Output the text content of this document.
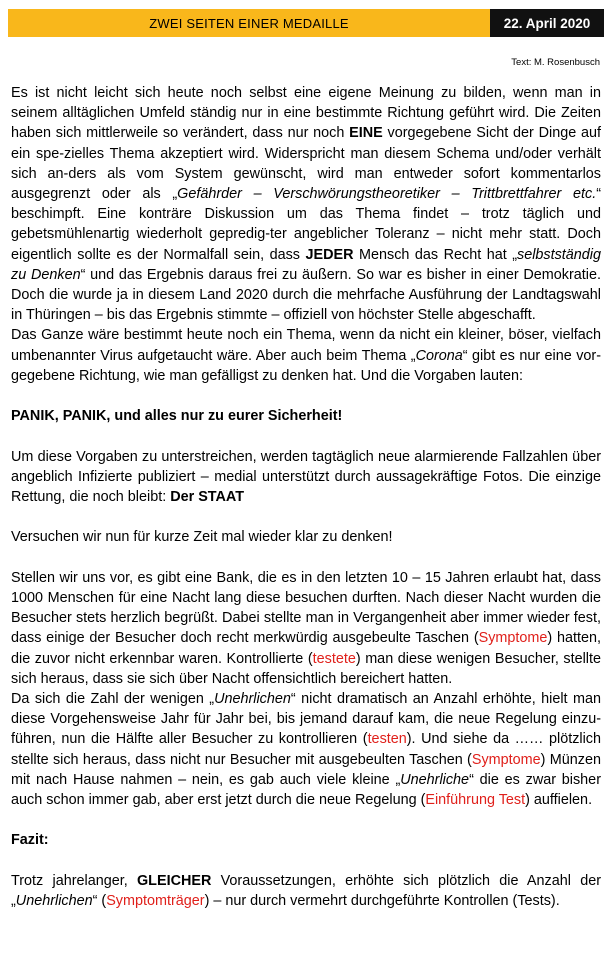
ZWEI SEITEN EINER MEDAILLE	22. April 2020
Text: M. Rosenbusch

Es ist nicht leicht sich heute noch selbst eine eigene Meinung zu bilden, wenn man in seinem alltäglichen Umfeld ständig nur in eine bestimmte Richtung geführt wird. Die Zeiten haben sich mittlerweile so verändert, dass nur noch EINE vorgegebene Sicht der Dinge auf ein spe-zielles Thema akzeptiert wird. Widerspricht man diesem Schema und/oder verhält sich an-ders als vom System gewünscht, wird man entweder sofort kommentarlos ausgegrenzt oder als „Gefährder – Verschwörungstheoretiker – Trittbrettfahrer etc.“ beschimpft. Eine konträre Diskussion um das Thema findet – trotz täglich und gebetsmühlenartig wiederholt gepredig-ter angeblicher Toleranz – nicht mehr statt. Doch eigentlich sollte es der Normalfall sein, dass JEDER Mensch das Recht hat „selbstständig zu Denken“ und das Ergebnis daraus frei zu äußern. So war es bisher in einer Demokratie. Doch die wurde ja in diesem Land 2020 durch die mehrfache Ausführung der Landtagswahl in Thüringen – bis das Ergebnis stimmte – offiziell von höchster Stelle abgeschafft.

Das Ganze wäre bestimmt heute noch ein Thema, wenn da nicht ein kleiner, böser, vielfach umbenannter Virus aufgetaucht wäre. Aber auch beim Thema „Corona“ gibt es nur eine vor-gegebene Richtung, wie man gefälligst zu denken hat. Und die Vorgaben lauten:

PANIK, PANIK, und alles nur zu eurer Sicherheit!

Um diese Vorgaben zu unterstreichen, werden tagtäglich neue alarmierende Fallzahlen über angeblich Infizierte publiziert – medial unterstützt durch aussagekräftige Fotos. Die einzige Rettung, die noch bleibt: Der STAAT

Versuchen wir nun für kurze Zeit mal wieder klar zu denken!

Stellen wir uns vor, es gibt eine Bank, die es in den letzten 10 – 15 Jahren erlaubt hat, dass 1000 Menschen für eine Nacht lang diese besuchen durften. Nach dieser Nacht wurden die Besucher stets herzlich begrüßt. Dabei stellte man in Vergangenheit aber immer wieder fest, dass einige der Besucher doch recht merkwürdig ausgebeulte Taschen (Symptome) hatten, die zuvor nicht erkennbar waren. Kontrollierte (testete) man diese wenigen Besucher, stellte sich heraus, dass sie sich über Nacht offensichtlich bereichert hatten.

Da sich die Zahl der wenigen „Unehrlichen“ nicht dramatisch an Anzahl erhöhte, hielt man diese Vorgehensweise Jahr für Jahr bei, bis jemand darauf kam, die neue Regelung einzu-führen, nun die Hälfte aller Besucher zu kontrollieren (testen). Und siehe da …… plötzlich stellte sich heraus, dass nicht nur Besucher mit ausgebeulten Taschen (Symptome) Münzen mit nach Hause nahmen – nein, es gab auch viele kleine „Unehrliche“ die es zwar bisher auch schon immer gab, aber erst jetzt durch die neue Regelung (Einführung Test) auffielen.

Fazit:

Trotz jahrelanger, GLEICHER Voraussetzungen, erhöhte sich plötzlich die Anzahl der „Unehrlichen“ (Symptomträger) – nur durch vermehrt durchgeführte Kontrollen (Tests).
